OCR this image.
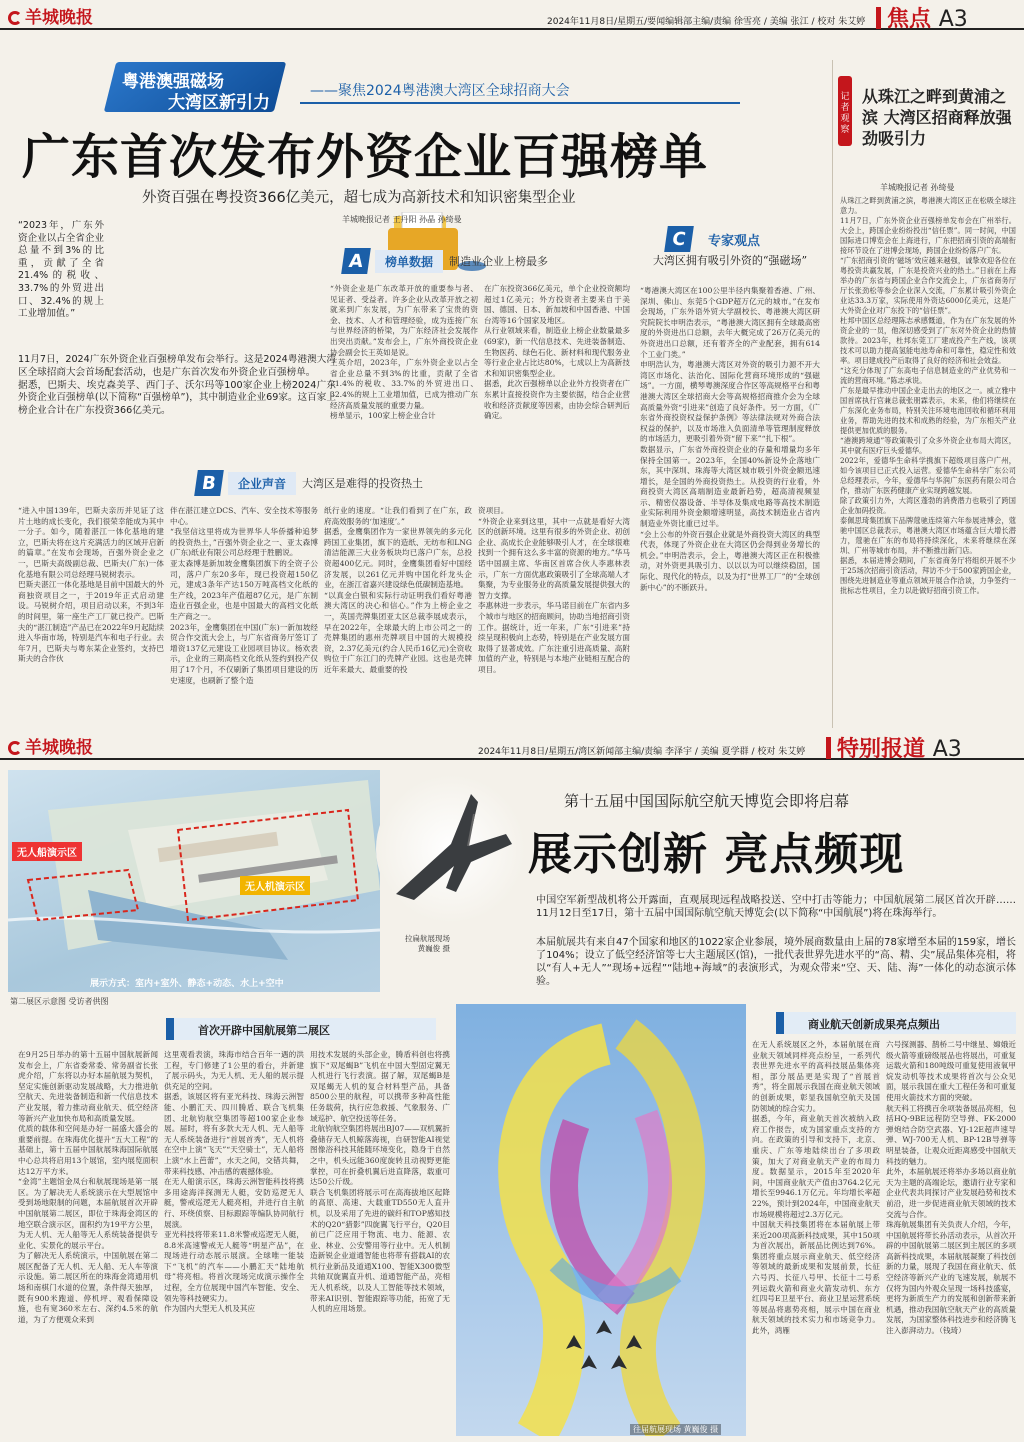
羊城晚报	2024年11月8日/星期五/要闻编辑部主编/责编 徐雪亮 / 美编 张江 / 校对 朱艾婷 焦点 A3
粤港澳强磁场
大湾区新引力
——聚焦2024粤港澳大湾区全球招商大会
广东首次发布外资企业百强榜单
外资百强在粤投资366亿美元，超七成为高新技术和知识密集型企业
羊城晚报记者 王丹阳 孙晶 孙绮曼
“2023年，广东外资企业以占全省企业总量不到3%的比重，贡献了全省21.4%的税收、33.7%的外贸进出口、32.4%的规上工业增加值。”
11月7日，2024广东外资企业百强榜单发布会举行。这是2024粤港澳大湾区全球招商大会首场配套活动，也是广东首次发布外资企业百强榜单。
据悉，巴斯夫、埃克森美孚、西门子、沃尔玛等100家企业上榜2024广东外资企业百强榜单(以下简称“百强榜单”)，其中制造业企业69家。这百家上榜企业合计在广东投资366亿美元。
A	榜单数据	制造业企业上榜最多
“外资企业是广东改革开放的重要参与者、见证者、受益者。许多企业从改革开放之初就来到广东发展，为广东带来了宝贵的资金、技术、人才和管理经验，成为连接广东与世界经济的桥梁，为广东经济社会发展作出突出贡献。”发布会上，广东外商投资企业协会副会长王英如是说。
王英介绍，2023年，广东外资企业以占全省企业总量不到3%的比重，贡献了全省21.4%的税收、33.7%的外贸进出口、32.4%的规上工业增加值，已成为推动广东经济高质量发展的重要力量。
榜单显示，100家上榜企业合计
在广东投资366亿美元，单个企业投资额均超过1亿美元；外方投资者主要来自于美国、德国、日本、新加坡和中国香港、中国台湾等16个国家及地区。
从行业领域来看，制造业上榜企业数量最多(69家)，新一代信息技术、先进装备制造、生物医药、绿色石化、新材料和现代服务业等行业企业占比达80%，七成以上为高新技术和知识密集型企业。
据悉，此次百强榜单以企业外方投资者在广东累计直接投资作为主要依据，结合企业营收和经济贡献度等因素，由协会综合研判后确定。
B	企业声音	大湾区是难得的投资热土
“进入中国139年，巴斯夫亲历并见证了这片土地的成长变化，我们很荣幸能成为其中一分子。如今，随着湛江一体化基地的建立，巴斯夫将在这片充满活力的区域开启新的篇章。”在发布会现场，百强外资企业之一，巴斯夫高级副总裁、巴斯夫(广东)一体化基地有限公司总经理马锐树表示。
巴斯夫湛江一体化基地是目前中国最大的外商独资项目之一，于2019年正式启动建设。马锐树介绍，项目启动以来，不到3年的时间里，第一座生产工厂就已投产。巴斯夫的“湛江制造”产品已在2022年9月起陆续进入华南市场，特别是汽车和电子行业。去年7月，巴斯夫与粤东某企业签约，支持巴斯夫的合作伙
伴在湛江建立DCS、汽车、安全技术等服务中心。
“我坚信这里将成为世界华人华侨播种追梦的投资热土，”百强外资企业之一、亚太森博(广东)纸业有限公司总经理于胜鹏说。
亚太森博是新加坡金鹰集团旗下的全资子公司，落户广东20多年，现已投资超150亿元，建成3条年产达150万吨高档文化纸的生产线，2023年产值超87亿元，是广东制造业百强企业，也是中国最大的高档文化纸生产商之一。
2023年，金鹰集团在中国(广东)一新加坡经贸合作交流大会上，与广东省商务厅签订了增资137亿元建设工业园项目协议。杨欢表示，企业的三期高档文化纸从签约到投产仅用了17个月，不仅刷新了集团项目建设的历史速度，也刷新了整个造
纸行业的速度。“让我们看到了在广东，政府高效服务的‘加速度’。”
据悉，金鹰集团作为一家世界领先的多元化跨国工业集团，旗下的造纸、无纺布和LNG清洁能源三大业务板块均已落户广东，总投资超400亿元。同时，金鹰集团看好中国经济发展，以261亿元并购中国化纤龙头企业，在浙江省嘉兴建设绿色低碳制造基地。
“以真金白银和实际行动证明我们看好粤港澳大湾区的决心和信心。”作为上榜企业之一，英国壳牌集团亚太区总裁李展成表示，早在2022年，全球最大的上市公司之一的壳牌集团的惠州壳牌项目中国的大规模投资，2.37亿美元(约合人民币16亿元)全资收购位于广东江门的壳牌产业园。这也是壳牌近年来最大、最重要的投
资项目。
“外资企业来到这里，其中一点就是看好大湾区的创新环境。这里有很多的外资企业、初创企业、高成长企业能够吸引人才，在全球很难找到一个拥有这么多丰富的资源的地方。”华马诺中国副主席、华南区首席合伙人李惠林表示，广东一方面优惠政策吸引了全球高端人才集聚，为专业服务业的高质量发展提供强大的智力支撑。
李惠林进一步表示，华马诺目前在广东省内多个城市与地区的招商顾问，协助当地招商引资工作。据统计，近一年来，广东“引进来”持续呈现积极向上态势，特别是在产业发展方面取得了显著成效。广东注重引进高质量、高附加值的产业，特别是与本地产业链相互配合的项目。
C	专家观点
大湾区拥有吸引外资的“强磁场”
“粤港澳大湾区在100公里半径内集聚着香港、广州、深圳、佛山、东莞5个GDP超万亿元的城市。”在发布会现场，广东外语外贸大学副校长、粤港澳大湾区研究院院长申明浩表示，“粤港澳大湾区拥有全球最高密度的外资进出口总额，去年大概完成了26万亿美元的外资进出口总额，还有着齐全的产业配套，拥有614个工业门类。”
申明浩认为，粤港澳大湾区对外资的吸引力源不开大湾区市场化、法治化、国际化营商环境形成的“强磁场”。一方面，横琴粤澳深度合作区等高规格平台和粤港澳大湾区全球招商大会等高规格招商推介会为全球高质量外资“引进来”创造了良好条件。另一方面，《广东省外商投资权益保护条例》等法律法规对外商合法权益的保护，以及市场准入负面清单等管理制度释放的市场活力，更吸引着外资“留下来”“扎下根”。
数据显示，广东省外商投资企业的存量和增量均多年保持全国第一。2023年，全国40%新设外企落地广东，其中深圳、珠海等大湾区城市吸引外资金额迅速增长，是全国的外商投资热土。从投资的行业看，外商投资大湾区高端制造业最新趋势，超高清视频显示、精密仪器设备、半导体及集成电路等高技术制造业实际利用外资金额增速明显，高技术制造业占省内制造业外资比重已过半。
“会上公布的外资百强企业就是外商投资大湾区的典型代表，体现了外资企业在大湾区仍会得到业务增长的机会。”申明浩表示，会上，粤港澳大湾区正在积极推动，对外资更具吸引力、以以以为可以继续稳固，国际化、现代化的特点，以及为打“世界工厂”的“全球创新中心”的不断跃升。
记者观察
从珠江之畔到黄浦之滨 大湾区招商释放强劲吸引力
羊城晚报记者 孙绮曼
从珠江之畔到黄浦之滨，粤港澳大湾区正在松吸全球注意力。
11月7日，广东外资企业百强榜单发布会在广州举行。大会上，跨国企业纷纷投出“信任票”。同一时间，中国国际进口博览会在上海进行，广东把招商引资的高端衔接环节设在了进博会现场，跨国企业纷纷落户广东。
“广东招商引资的‘磁场’效应越来越强，诚挚欢迎各位在粤投资共赢发展，广东是投资兴业的热土。”日前在上海举办的广东省与跨国企业合作交流会上，广东省商务厅厅长张劲松等参会企业深入交流，广东累计吸引外资企业达33.3万家，实际使用外资达6000亿美元，这是广大外资企业对广东投下的“信任票”。
杜邦中国区总经理陈志承感慨道，作为在广东发展的外资企业的一员，他深切感受到了广东对外资企业的热情款待。2023年，杜邦东莞工厂建成投产生产线，该项技术可以助力提高氢能电池寿命和可靠性，稳定性和效率。项目建成投产后取得了良好的经济和社会效益。
“这充分体现了广东高电子信息制造业的产业优势和一流的营商环境。”陈志承说。
广东是最早推动中国企业走出去的地区之一。威立雅中国首席执行官兼总裁张朋霖表示，未来，他们将继续在广东深化业务布局，特别关注环境电池回收和循环利用业务，帮助先进的技术和成熟的经验，为广东相关产业提供更加优质的服务。
“港澳跨境通”等政策吸引了众多外资企业布局大湾区，其中就有医疗巨头爱德华。
2022年，爱德华生命科学携旗下超级项目落户广州，如今该项目已正式投入运营。爱德华生命科学广东公司总经理表示，今年，爱德华与华润广东医药有限公司合作，推动广东医药健康产业实现跨越发展。
除了政策引力外，大湾区蓬勃的消费潜力也吸引了跨国企业加码投资。
泰佩思琦集团旗下品牌蔻驰连续第六年参展进博会，蔻驰中国区总裁表示，粤港澳大湾区市场蕴含巨大增长潜力，蔻驰在广东的布局将持续深化，未来将继续在深圳、广州等城市布局，并不断推出新门店。
据悉，本届进博会期间，广东省商务厅将组织开展不少于25场次招商引资活动，拜访不少于500家跨国企业，围绕先进制造业等重点领域开展合作洽谈，力争签约一批标志性项目，全力以赴做好招商引资工作。
羊城晚报	2024年11月8日/星期五/湾区新闻部主编/责编 李泽宇 / 美编 夏学群 / 校对 朱艾婷	特别报道 A3
无人船演示区
无人机演示区
展示方式：室内+室外、静态+动态、水上+空中
第二展区示意图 受访者供图
拉扁航展现场
黄巍俊 摄
第十五届中国国际航空航天博览会即将启幕
展示创新 亮点频现
中国空军新型战机将公开露面，直观展现远程战略投送、空中打击等能力；中国航展第二展区首次开辟……11月12日至17日，第十五届中国国际航空航天博览会(以下简称“中国航展”)将在珠海举行。
本届航展共有来自47个国家和地区的1022家企业参展，境外展商数量由上届的78家增至本届的159家，增长了104%；设立了低空经济馆等七大主题展区(馆)，一批代表世界先进水平的“高、精、尖”展品集体亮相，将以“有人+无人”“现场+远程”“陆地+海域”的表演形式，为观众带来“空、天、陆、海”一体化的动态演示体验。
首次开辟中国航展第二展区
在9月25日举办的第十五届中国航展新闻发布会上，广东省委常委、常务副省长张虎介绍，广东将以办好本届航展为契机，坚定实施创新驱动发展战略，大力推进航空航天、先进装备制造和新一代信息技术产业发展，着力推动商业航天、低空经济等新兴产业加快布局和高质量发展。
优质的载体和空间是办好一届盛大盛会的重要前提。在珠海优化提升“五大工程”的基础上，第十五届中国航展珠海国际航展中心总共将启用13个展馆，室内展览面积达12万平方米。
“金湾”主题馆金凤台和航展现场是第一展区。为了解决无人系统演示在大型展馆中受到场地限制的问题，本届航展首次开辟中国航展第二展区，即位于珠海金湾区的地空联合演示区，面积约为19平方公里，为无人机、无人船等无人系统装备提供专业化、实景化的展示平台。
为了解决无人系统演示，中国航展在第二展区配备了无人机、无人船、无人车等演示设施。第二展区所在的珠海金湾通用机场和南棋门水道的位置，条件得天独厚，既有900米跑道、停机坪、观看保障设施，也有宽360米左右、深约4.5米的航道，为了方便观众来到
这里观看表演，珠海市结合百年一遇的洪工程，专门修建了1公里的看台，并新建了展示码头，为无人机、无人船的展示提供充足的空间。
据悉，该展区将有亚光科技、珠海云洲智能、小鹏汇天、四川腾盾、联合飞机集团、北航钧航空集团等超100家企业参展。届时，将有多款大无人机、无人船等无人系统装备进行“首展首秀”，无人机将在空中上演“飞天”“天空骑士”，无人船将上演“水上芭蕾”，水天之间，交错共舞，带来科技感、冲击感的震撼体验。
在无人船演示区，珠海云洲智能科技将携多用途海洋探测无人艇，安防巡逻无人艇，警戒巡逻无人艇亮相，并进行自主航行、环绕侦察、目标跟踪等编队协同航行展演。
亚光科技将带来11.8米警戒巡逻无人艇，8.8米高速警戒无人艇等“明星产品”，在现场进行动态展示展演。全球唯一能装下“飞机”的汽车——小鹏汇天“陆地航母”将亮相。将首次现场完成演示操作全过程，全方位展现中国汽车智能、安全、领先等科技硬实力。
作为国内大型无人机及其应
用技术发展的头部企业，腾盾科创也将携旗下“双尾蝎B”飞机在中国大型固定翼无人机进行飞行表演。据了解，双尾蝎B是双尾蝎无人机的复合材料型产品，具备8500公里的航程，可以携带多种高性能任务载荷，执行应急救援、气象服务、广域巡护、航空投送等任务。
北航钧航空集团将展出BJ07——双机翼折叠储存无人机鲸落海视，自研智能AI视觉图像浴科技其能随环境变化，隐身于自然之中，机头远能360度旋转且动视野更能掌控，可在折叠机翼后进直降落，载重可达50公斤级。
联合飞机集团将展示可在高海拔地区起降的高原、高速、大载重TD550无人直升机，以及采用了先进的碳纤和TOP感知技术的Q20“猎影”四旋翼飞行平台，Q20目前已广泛应用于物流、电力、能源、农业、林业、公安警用等行业中。无人机制造新锐企业道通智能也将带有搭载AI的农机行业新品及道通X100、智能X300微型共轴双旋翼直升机、道通智能产品，亮相无人机系统，以及人工智能等技术领域，带来AI识别、智能跟踪等功能，拓宽了无人机的应用场景。
往届航展现场 黄巍俊 摄
商业航天创新成果亮点频出
在无人系统展区之外，本届航展在商业航天领域同样亮点纷呈，一系列代表世界先进水平的高科技展品集体亮相，部分展品更是实现了“首展首秀”，将全面展示我国在商业航天领域的创新成果，彰显我国航空航天及国防领域的综合实力。
据悉，今年，商业航天首次被纳入政府工作报告，成为国家重点支持的方向。在政策的引导和支持下，北京、重庆、广东等地陆续出台了多项政策，加大了对商业航天产业的布局力度。数据显示，2015年至2020年间，中国商业航天产值由3764.2亿元增长至9946.1万亿元。年均增长率超22%，预计到2024年，中国商业航天市场规模将超过2.3万亿元。
中国航天科技集团将在本届航展上带来近200项高新科技成果，其中150项为首次展出，新展品比例达到76%。集团将重点展示商业航天、低空经济等领域的最新成果和发展前景，长征六号丙、长征八号甲、长征十二号系列运载火箭和商业火箭发动机、东方红四号E卫星平台、商业卫星运营系统等展品将惠势亮相，展示中国在商业航天领域的技术实力和市场竞争力。此外，鸿雁
六号探测器、鹊桥二号中继星、嫦娥近级火箭等重磅级展品也将展出，可重复运载火箭和180吨级可重复使用液氧甲烷发动机等技术成果将首次与公众见面，展示我国在重大工程任务和可重复使用火箭技术方面的突破。
航天科工将携百余项装备展品亮相，包括HQ-9BE远程防空导弹、FK-2000弹炮结合防空武器、YJ-12E超声速导弹、WJ-700无人机、BP-12B导弹等明星装备，让观众近距离感受中国航天科技的魅力。
此外，本届航展还将举办多场以商业航天为主题的高端论坛，邀请行业专家和企业代表共同探讨产业发展趋势和技术前沿，进一步促进商业航天领域的技术交流与合作。
珠海航展集团有关负责人介绍，今年，中国航展将带长孙活动表示，从首次开辟的中国航展第二展区到主展区的多项高新科技成果，本届航展凝聚了科技创新的力量，展现了我国在商业航天、低空经济等新兴产业的飞速发展，航展不仅将为国内外观众呈现一场科技盛宴，更将为新质生产力的发展和创新带来新机遇，推动我国航空航天产业的高质量发展，为国家整体科技进步和经济腾飞注入澎湃动力。（钱琦）
